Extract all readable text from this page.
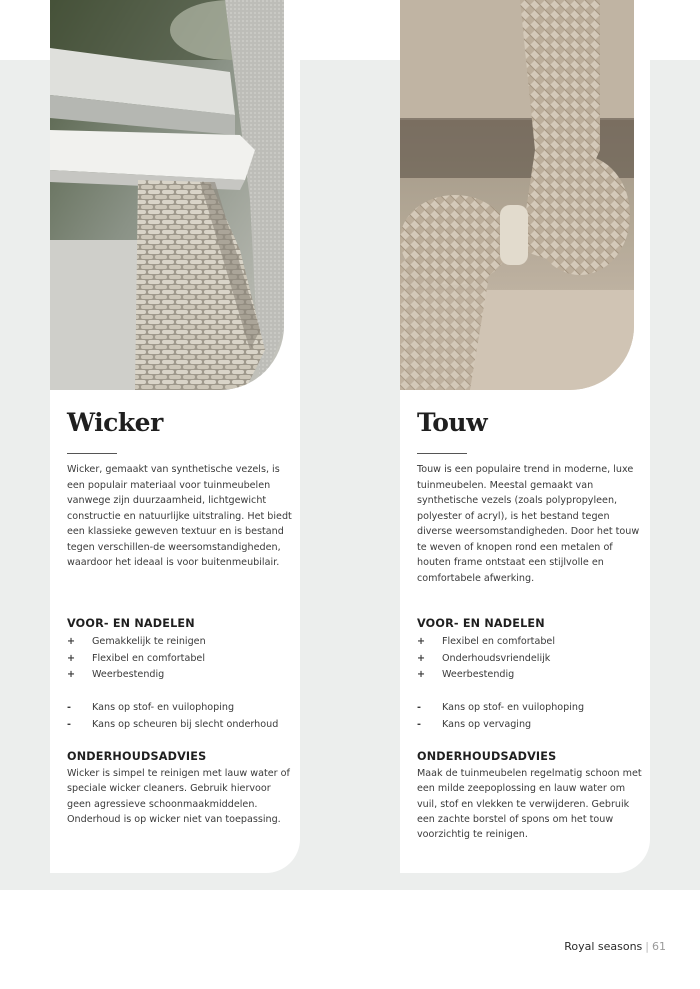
Wicker
Wicker, gemaakt van synthetische vezels, is een populair materiaal voor tuinmeubelen vanwege zijn duurzaamheid, lichtgewicht constructie en natuurlijke uitstraling. Het biedt een klassieke geweven textuur en is bestand tegen verschillen-de weersomstandigheden, waardoor het ideaal is voor buitenmeubilair.
VOOR- EN NADELEN
+	Gemakkelijk te reinigen
+	Flexibel en comfortabel
+	Weerbestendig
-	Kans op stof- en vuilophoping
-	Kans op scheuren bij slecht onderhoud
ONDERHOUDSADVIES
Wicker is simpel te reinigen met lauw water of speciale wicker cleaners. Gebruik hiervoor geen agressieve schoonmaakmiddelen. Onderhoud is op wicker niet van toepassing.
Touw
Touw is een populaire trend in moderne, luxe tuinmeubelen. Meestal gemaakt van synthetische vezels (zoals polypropyleen, polyester of acryl), is het bestand tegen diverse weersomstandigheden. Door het touw te weven of knopen rond een metalen of houten frame ontstaat een stijlvolle en comfortabele afwerking.
VOOR- EN NADELEN
+	Flexibel en comfortabel
+	Onderhoudsvriendelijk
+	Weerbestendig
-	Kans op stof- en vuilophoping
-	Kans op vervaging
ONDERHOUDSADVIES
Maak de tuinmeubelen regelmatig schoon met een milde zeepoplossing en lauw water om vuil, stof en vlekken te verwijderen. Gebruik een zachte borstel of spons om het touw voorzichtig te reinigen.
Royal seasons | 61
